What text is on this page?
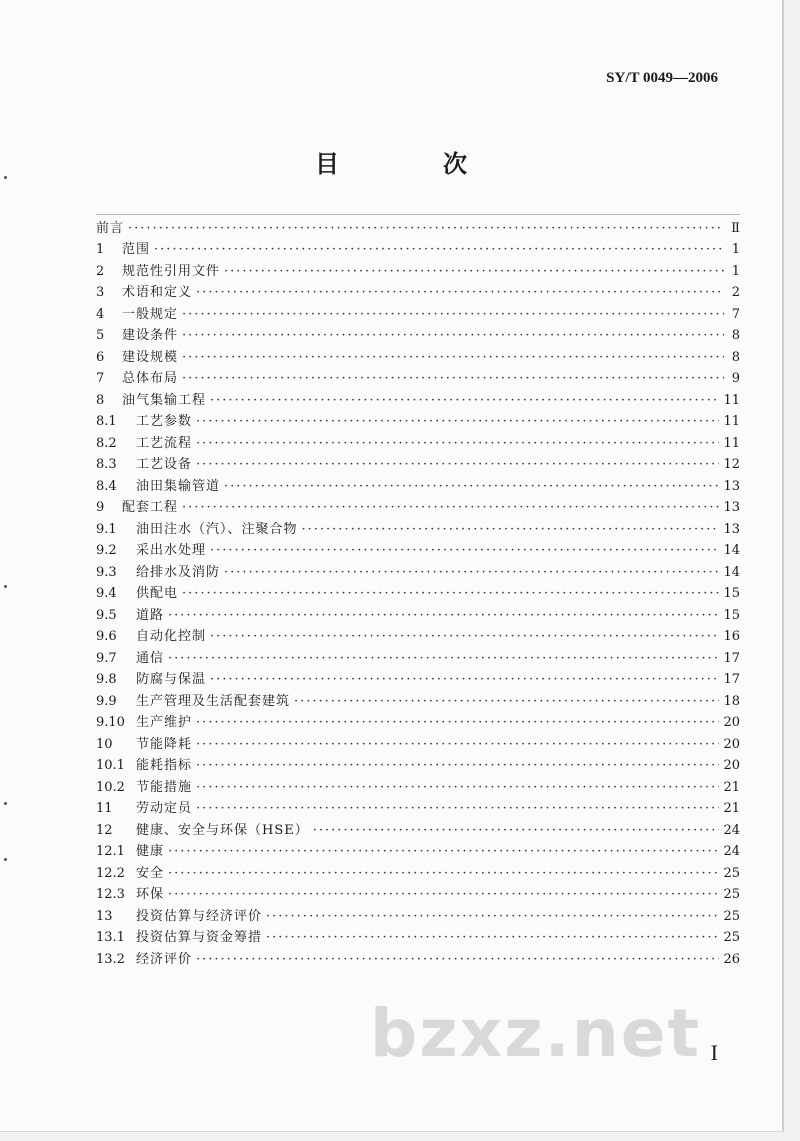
SY/T 0049—2006
目　次
前言 ·····	Ⅱ
1	范围 ·····	1
2	规范性引用文件 ·····	1
3	术语和定义 ·····	2
4	一般规定 ·····	7
5	建设条件 ·····	8
6	建设规模 ·····	8
7	总体布局 ·····	9
8	油气集输工程 ·····	11
8.1	工艺参数 ·····	11
8.2	工艺流程 ·····	11
8.3	工艺设备 ·····	12
8.4	油田集输管道 ·····	13
9	配套工程 ·····	13
9.1	油田注水（汽）、注聚合物 ·····	13
9.2	采出水处理 ·····	14
9.3	给排水及消防 ·····	14
9.4	供配电 ·····	15
9.5	道路 ·····	15
9.6	自动化控制 ·····	16
9.7	通信 ·····	17
9.8	防腐与保温 ·····	17
9.9	生产管理及生活配套建筑 ·····	18
9.10 生产维护 ·····	20
10	节能降耗 ·····	20
10.1 能耗指标 ·····	20
10.2 节能措施 ·····	21
11	劳动定员 ·····	21
12	健康、安全与环保（HSE） ·····	24
12.1 健康 ·····	24
12.2 安全 ·····	25
12.3 环保 ·····	25
13	投资估算与经济评价 ·····	25
13.1 投资估算与资金筹措 ·····	25
13.2 经济评价 ·····	26
bzxz.net I
